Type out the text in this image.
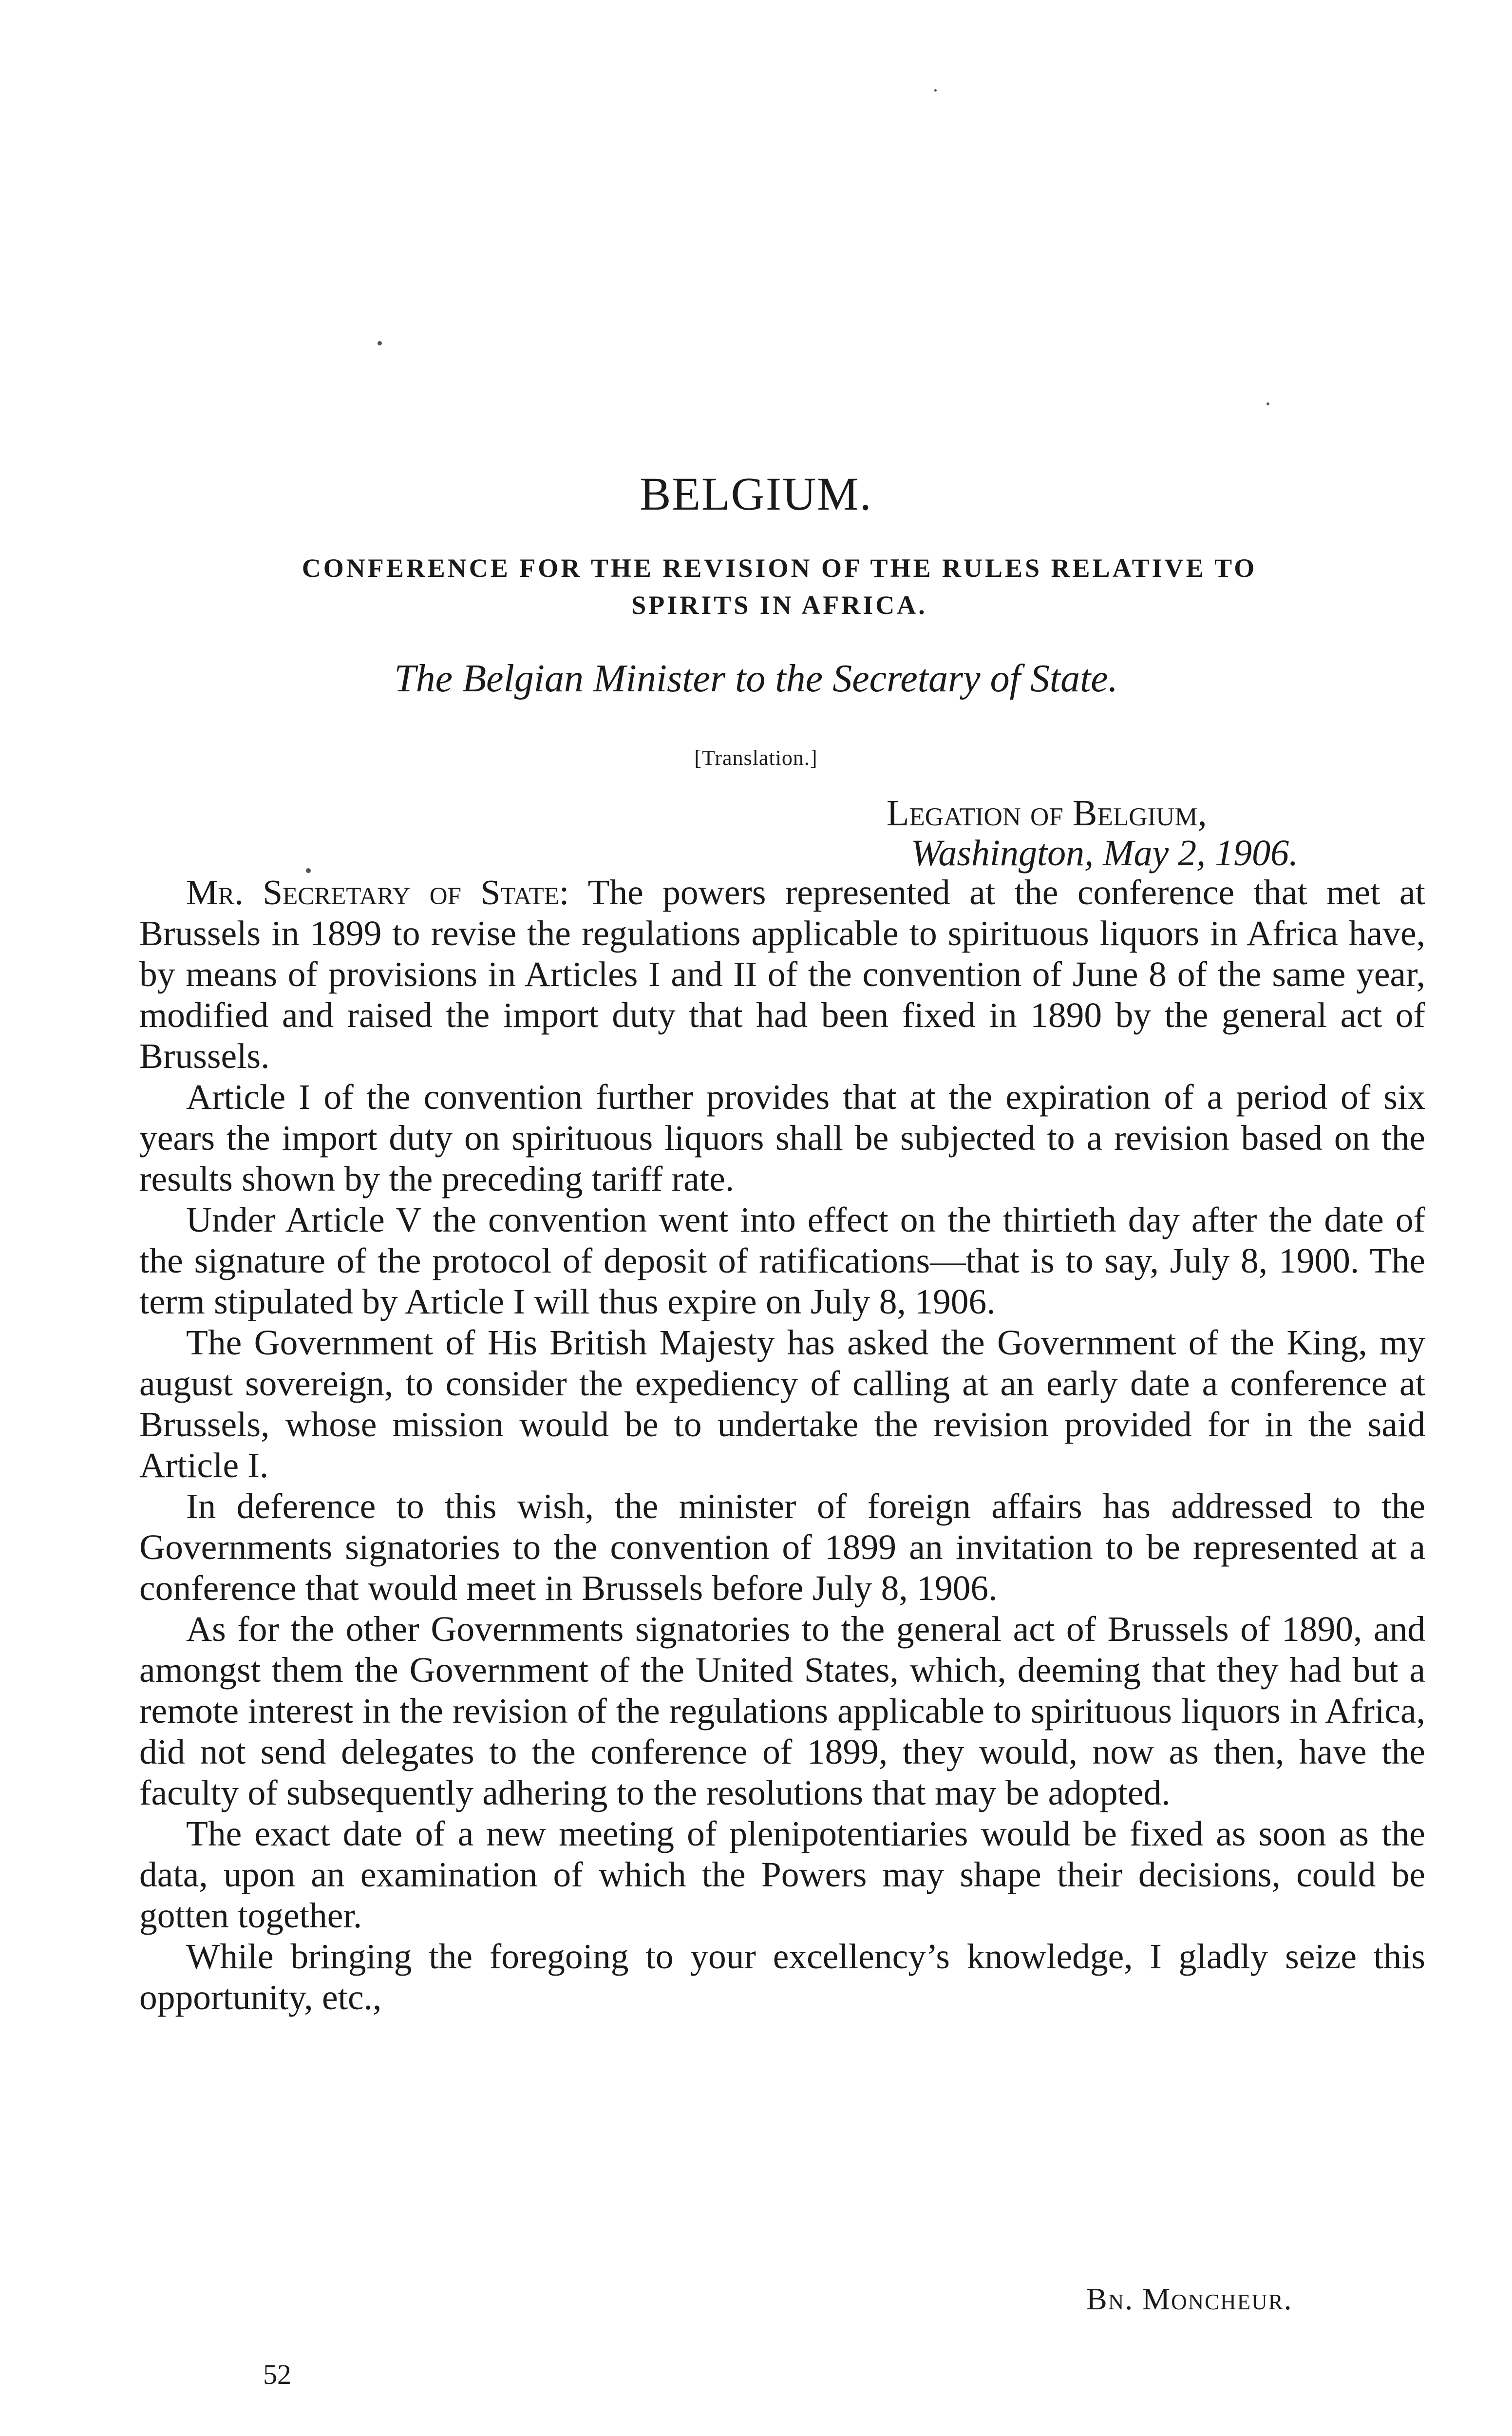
BELGIUM.
CONFERENCE FOR THE REVISION OF THE RULES RELATIVE TO
SPIRITS IN AFRICA.

The Belgian Minister to the Secretary of State.

[Translation.]

Legation of Belgium,

Washington, May 2, 1906.

Mr. Secretary of State: The powers represented at the conference that met at Brussels in 1899 to revise the regulations applicable to spirituous liquors in Africa have, by means of provisions in Articles I and II of the convention of June 8 of the same year, modified and raised the import duty that had been fixed in 1890 by the general act of Brussels.

Article I of the convention further provides that at the expiration of a period of six years the import duty on spirituous liquors shall be subjected to a revision based on the results shown by the preceding tariff rate.

Under Article V the convention went into effect on the thirtieth day after the date of the signature of the protocol of deposit of ratifications—that is to say, July 8, 1900. The term stipulated by Article I will thus expire on July 8, 1906.

The Government of His British Majesty has asked the Government of the King, my august sovereign, to consider the expediency of calling at an early date a conference at Brussels, whose mission would be to undertake the revision provided for in the said Article I.

In deference to this wish, the minister of foreign affairs has addressed to the Governments signatories to the convention of 1899 an invitation to be represented at a conference that would meet in Brussels before July 8, 1906.

As for the other Governments signatories to the general act of Brussels of 1890, and amongst them the Government of the United States, which, deeming that they had but a remote interest in the revision of the regulations applicable to spirituous liquors in Africa, did not send delegates to the conference of 1899, they would, now as then, have the faculty of subsequently adhering to the resolutions that may be adopted.

The exact date of a new meeting of plenipotentiaries would be fixed as soon as the data, upon an examination of which the Powers may shape their decisions, could be gotten together.

While bringing the foregoing to your excellency’s knowledge, I gladly seize this opportunity, etc.,

Bn. Moncheur.

52
